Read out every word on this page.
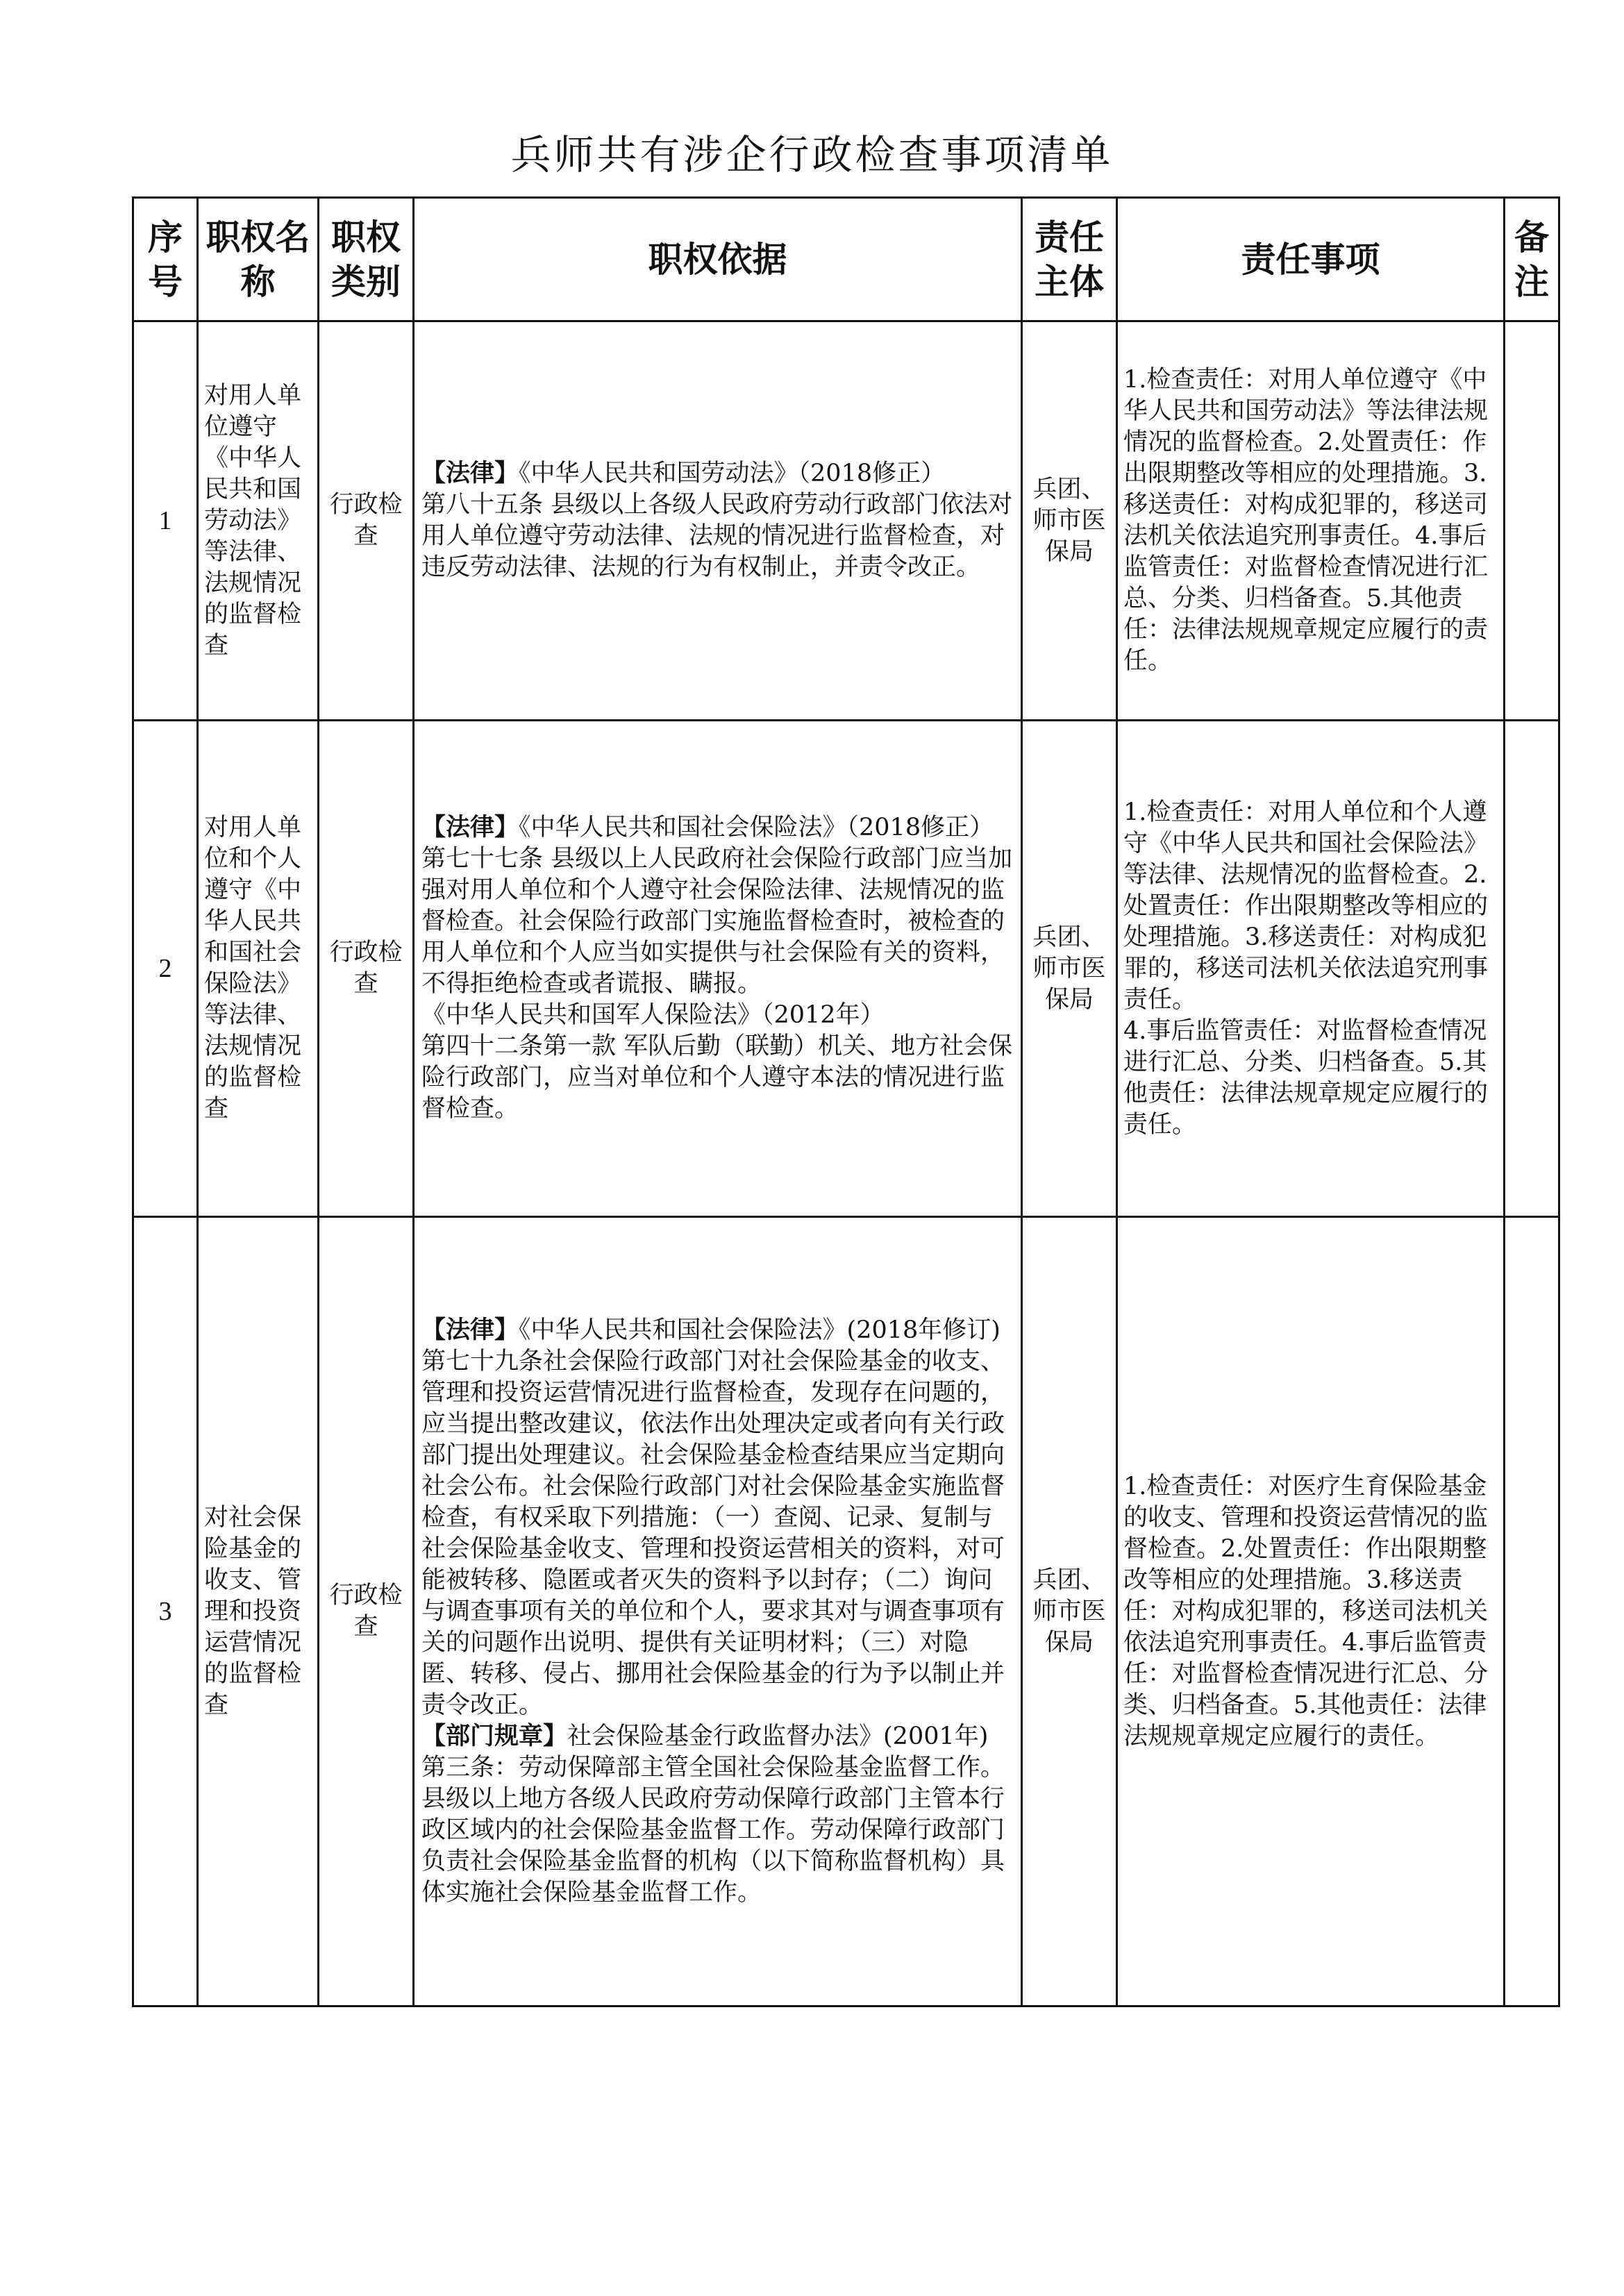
兵师共有涉企行政检查事项清单
序号	职权名称	职权类别	职权依据	责任主体	责任事项	备注
1	对用人单位遵守《中华人民共和国劳动法》等法律、法规情况的监督检查	行政检查	【法律】《中华人民共和国劳动法》（2018修正）
第八十五条 县级以上各级人民政府劳动行政部门依法对用人单位遵守劳动法律、法规的情况进行监督检查，对违反劳动法律、法规的行为有权制止，并责令改正。	兵团、师市医保局	1.检查责任：对用人单位遵守《中华人民共和国劳动法》等法律法规情况的监督检查。2.处置责任：作出限期整改等相应的处理措施。3.移送责任：对构成犯罪的，移送司法机关依法追究刑事责任。4.事后监管责任：对监督检查情况进行汇总、分类、归档备查。5.其他责任：法律法规规章规定应履行的责任。	

2	对用人单位和个人遵守《中华人民共和国社会保险法》等法律、法规情况的监督检查	行政检查	【法律】《中华人民共和国社会保险法》（2018修正）
第七十七条 县级以上人民政府社会保险行政部门应当加强对用人单位和个人遵守社会保险法律、法规情况的监督检查。社会保险行政部门实施监督检查时，被检查的用人单位和个人应当如实提供与社会保险有关的资料，不得拒绝检查或者谎报、瞒报。
《中华人民共和国军人保险法》（2012年）
第四十二条第一款 军队后勤（联勤）机关、地方社会保险行政部门，应当对单位和个人遵守本法的情况进行监督检查。	兵团、师市医保局	1.检查责任：对用人单位和个人遵守《中华人民共和国社会保险法》等法律、法规情况的监督检查。2.处置责任：作出限期整改等相应的处理措施。3.移送责任：对构成犯罪的，移送司法机关依法追究刑事责任。
4.事后监管责任：对监督检查情况进行汇总、分类、归档备查。5.其他责任：法律法规章规定应履行的责任。	

3	对社会保险基金的收支、管理和投资运营情况的监督检查	行政检查	【法律】《中华人民共和国社会保险法》(2018年修订)
第七十九条社会保险行政部门对社会保险基金的收支、管理和投资运营情况进行监督检查，发现存在问题的，应当提出整改建议，依法作出处理决定或者向有关行政部门提出处理建议。社会保险基金检查结果应当定期向社会公布。社会保险行政部门对社会保险基金实施监督检查，有权采取下列措施：（一）查阅、记录、复制与社会保险基金收支、管理和投资运营相关的资料，对可能被转移、隐匿或者灭失的资料予以封存；（二）询问与调查事项有关的单位和个人，要求其对与调查事项有关的问题作出说明、提供有关证明材料；（三）对隐匿、转移、侵占、挪用社会保险基金的行为予以制止并责令改正。
【部门规章】社会保险基金行政监督办法》(2001年)
第三条：劳动保障部主管全国社会保险基金监督工作。县级以上地方各级人民政府劳动保障行政部门主管本行政区域内的社会保险基金监督工作。劳动保障行政部门负责社会保险基金监督的机构（以下简称监督机构）具体实施社会保险基金监督工作。	兵团、师市医保局	1.检查责任：对医疗生育保险基金的收支、管理和投资运营情况的监督检查。2.处置责任：作出限期整改等相应的处理措施。3.移送责任：对构成犯罪的，移送司法机关依法追究刑事责任。4.事后监管责任：对监督检查情况进行汇总、分类、归档备查。5.其他责任：法律法规规章规定应履行的责任。	
